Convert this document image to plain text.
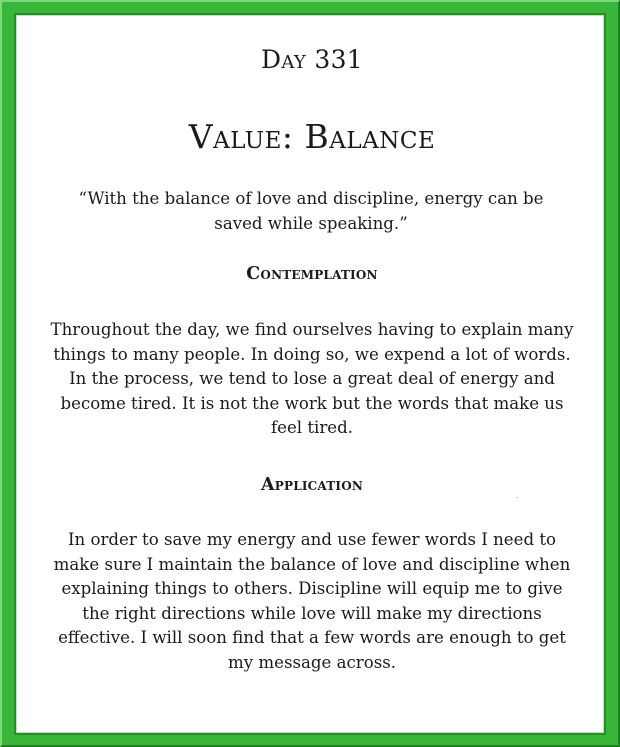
Day 331
Value: Balance
“With the balance of love and discipline, energy can be saved while speaking.”
Contemplation
Throughout the day, we find ourselves having to explain many things to many people. In doing so, we expend a lot of words. In the process, we tend to lose a great deal of energy and become tired. It is not the work but the words that make us feel tired.
Application
In order to save my energy and use fewer words I need to make sure I maintain the balance of love and discipline when explaining things to others. Discipline will equip me to give the right directions while love will make my directions effective. I will soon find that a few words are enough to get my message across.
